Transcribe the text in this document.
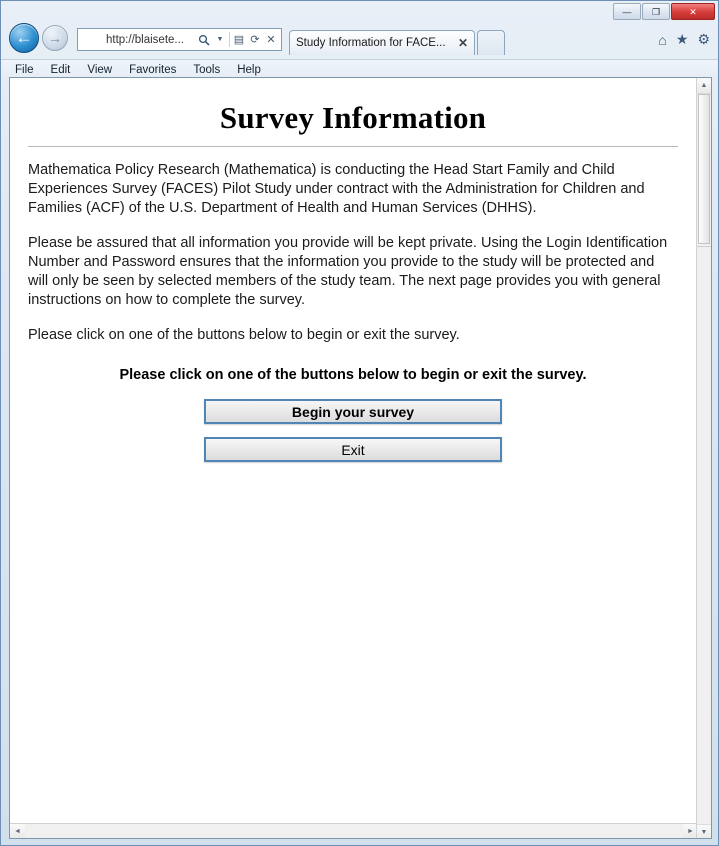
—	❐	✕
←	→	http://blaisete...	▼ ▤ ⟳ ✕ Study Information for FACE...	✕	⌂ ★ ⚙
File Edit View Favorites Tools Help
Survey Information

Mathematica Policy Research (Mathematica) is conducting the Head Start Family and Child Experiences Survey (FACES) Pilot Study under contract with the Administration for Children and Families (ACF) of the U.S. Department of Health and Human Services (DHHS).

Please be assured that all information you provide will be kept private. Using the Login Identification Number and Password ensures that the information you provide to the study will be protected and will only be seen by selected members of the study team. The next page provides you with general instructions on how to complete the survey.

Please click on one of the buttons below to begin or exit the survey.

Please click on one of the buttons below to begin or exit the survey.

Begin your survey
Exit
◄	►
▲
▼
